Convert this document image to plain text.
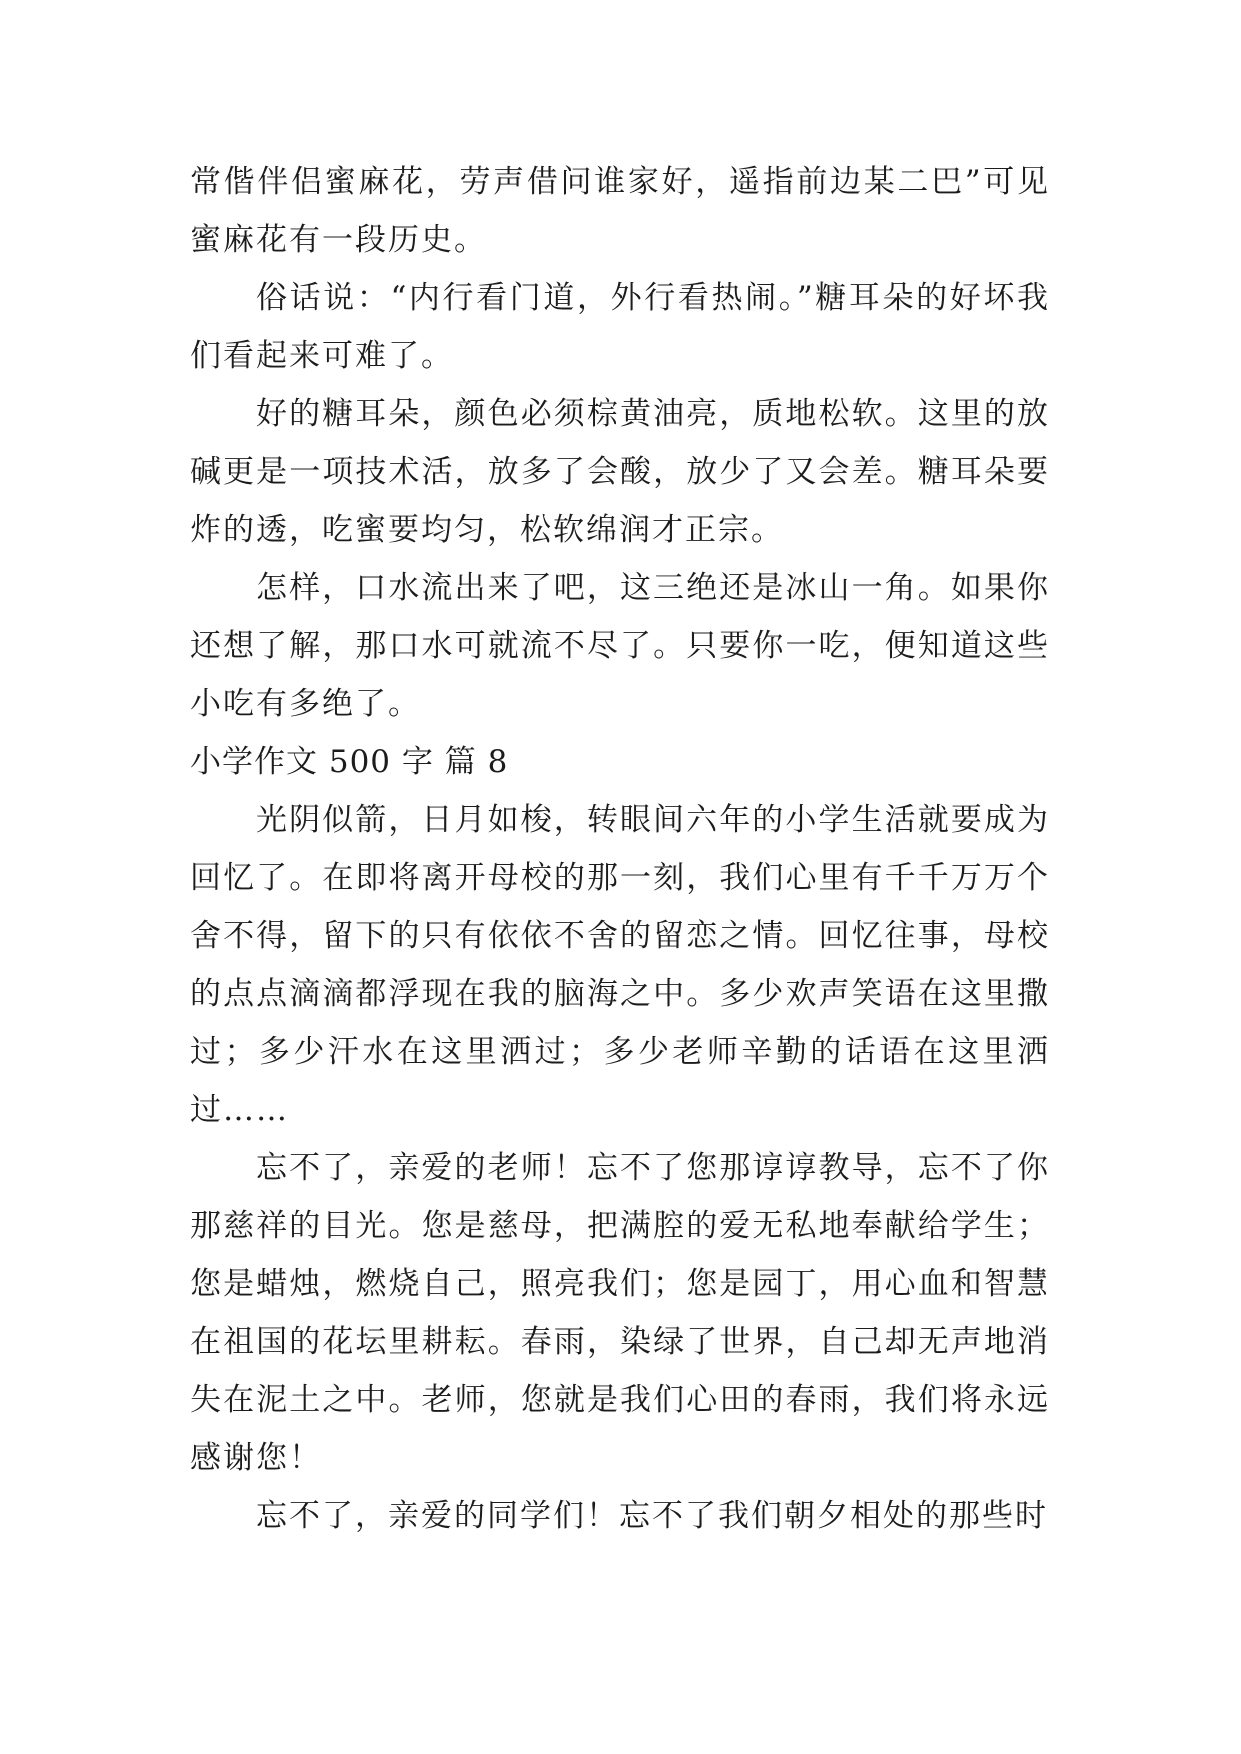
常偕伴侣蜜麻花，劳声借问谁家好，遥指前边某二巴”可见蜜麻花有一段历史。

俗话说：“内行看门道，外行看热闹。”糖耳朵的好坏我们看起来可难了。

好的糖耳朵，颜色必须棕黄油亮，质地松软。这里的放碱更是一项技术活，放多了会酸，放少了又会差。糖耳朵要炸的透，吃蜜要均匀，松软绵润才正宗。

怎样，口水流出来了吧，这三绝还是冰山一角。如果你还想了解，那口水可就流不尽了。只要你一吃，便知道这些小吃有多绝了。

小学作文 500 字 篇 8

光阴似箭，日月如梭，转眼间六年的小学生活就要成为回忆了。在即将离开母校的那一刻，我们心里有千千万万个舍不得，留下的只有依依不舍的留恋之情。回忆往事，母校的点点滴滴都浮现在我的脑海之中。多少欢声笑语在这里撒过；多少汗水在这里洒过；多少老师辛勤的话语在这里洒过……

忘不了，亲爱的老师！忘不了您那谆谆教导，忘不了你那慈祥的目光。您是慈母，把满腔的爱无私地奉献给学生；您是蜡烛，燃烧自己，照亮我们；您是园丁，用心血和智慧在祖国的花坛里耕耘。春雨，染绿了世界，自己却无声地消失在泥土之中。老师，您就是我们心田的春雨，我们将永远感谢您！

忘不了，亲爱的同学们！忘不了我们朝夕相处的那些时
